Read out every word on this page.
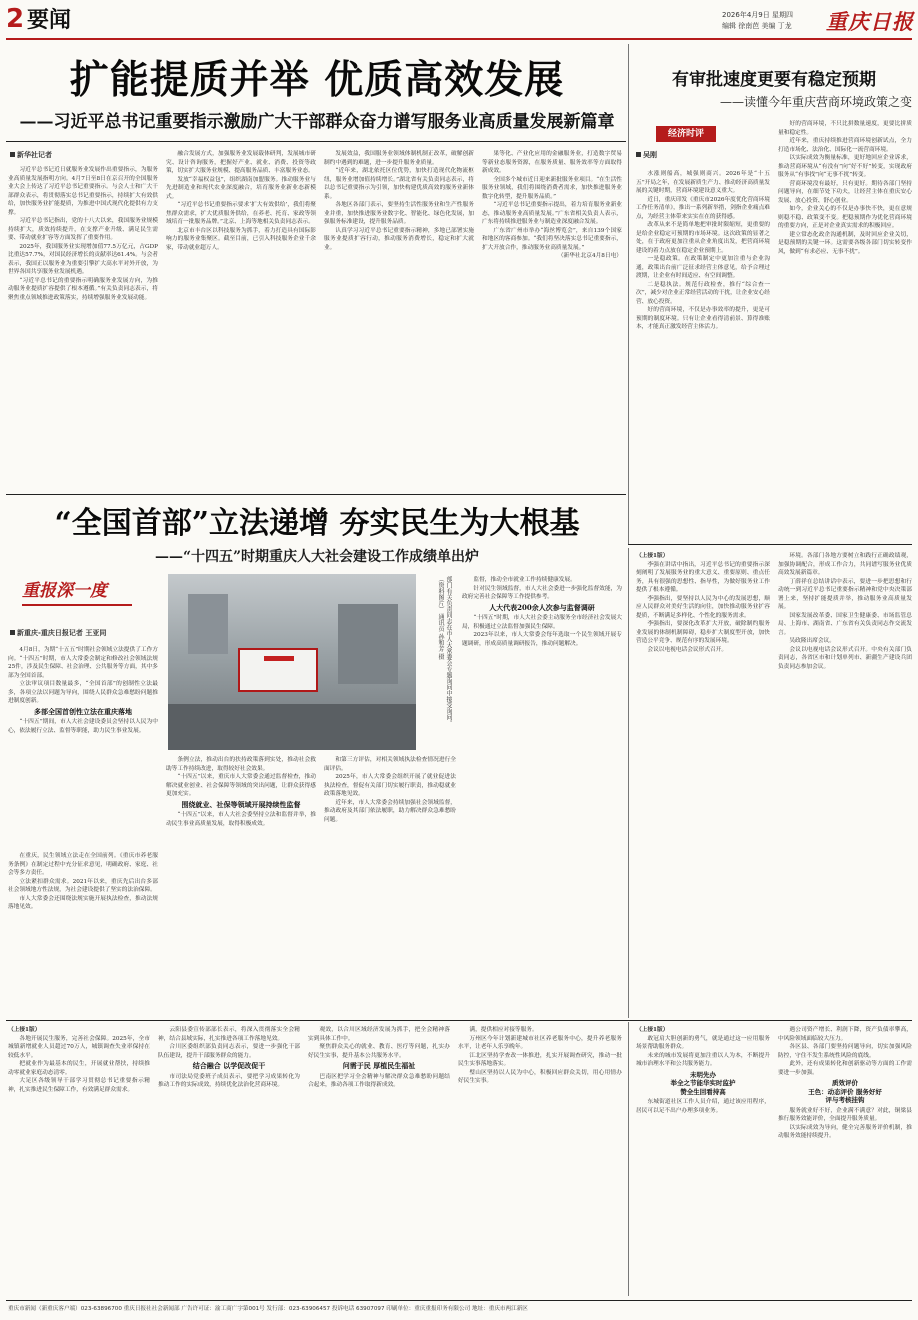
2 要闻	2026年4月9日 星期四
编辑 徐南芭 美编 丁龙 重庆日报
扩能提质并举 优质高效发展
——习近平总书记重要指示激励广大干部群众奋力谱写服务业高质量发展新篇章
新华社记者

习近平总书记近日就服务业发展作出重要指示，为服务业高质量发展指明方向。4月7日至8日在京召开的全国服务业大会上传达了习近平总书记重要指示。与会人士和广大干部群众表示，将贯彻落实总书记重要指示，持续扩大有效供给，加快服务业扩能提质，为推进中国式现代化提供有力支撑。

习近平总书记指出，党的十八大以来，我国服务业规模持续扩大，质效持续提升，在支撑产业升级、满足民生需要、带动就业扩容等方面发挥了重要作用。

2025年，我国服务业实现增加值77.5万亿元，占GDP比重达57.7%，对国民经济增长的贡献率达61.4%。与会者表示，我国正以服务业为重要引擎扩大高水平对外开放，为世界各国共享服务业发展机遇。

“习近平总书记的重要指示明确服务业发展方向，为推动服务业提质扩容提供了根本遵循。”有关负责同志表示，将聚焦重点领域推进政策落实，持续增强服务业发展动能。

融合发展方式，加强服务业发展载体研判，发展城市研究、设计咨询服务，把握好产业、就业、消费、投资等政策，切实扩大服务业规模、提高服务品质、丰富服务业态。

发放“幸福权益包”，组织湖南加盟服务。推动服务业与先进制造业和现代农业深度融合，培育服务业新业态新模式。

“习近平总书记重要指示要求‘扩大有效供给’，我们将聚焦群众需求，扩大优质服务供给，在养老、托育、家政等领域培育一批服务品牌。”北京、上海等地相关负责同志表示。

北京市丰台区以科技服务为抓手，着力打造具有国际影响力的服务业集聚区。截至目前，已引入科技服务企业千余家，带动就业超万人。

发展效益，我国服务业领域体制机制正改革，破解创新制约中遇到的难题，进一步提升服务业质量。

“近年来，湖北依托区位优势，加快打造现代化物流枢纽，服务业增加值持续增长。”湖北省有关负责同志表示，将以总书记重要指示为引领，加快构建优质高效的服务业新体系。

各地区各部门表示，要坚持生活性服务业和生产性服务业并重，加快推进服务业数字化、智能化、绿色化发展，加强服务标准建设，提升服务品质。

认真学习习近平总书记重要指示精神，多地已部署实施服务业提质扩容行动，推动服务消费增长，稳定和扩大就业。

果等化、产业化应用的金融服务业，打造数字贸易等新业态服务资源，在服务质量、服务效率等方面取得新成效。

全国多个城市近日迎来新批服务业项目。“在生活性服务业领域，我们将围绕消费者需求，加快推进服务业数字化转型，提升服务品质。”

“习近平总书记重要指示提出，着力培育服务业新业态，推动服务业高质量发展。”广东省相关负责人表示，广东将持续推进服务业与制造业深度融合发展。

广东省广州市举办“海丝博览会”，来自139个国家和地区的客商参加。“我们将坚决落实总书记重要指示，扩大开放合作，推动服务业高质量发展。”

（新华社北京4月8日电）

有审批速度更要有稳定预期
——读懂今年重庆营商环境政策之变
经济时评
吴刚

水涨则船高，城强则商兴。2026年是“十五五”开局之年，在发展新质生产力、推动经济高质量发展的关键时期，营商环境建设意义重大。

近日，重庆印发《重庆市2026年度优化营商环境工作任务清单》，推出一系列新举措，剑指企业痛点难点，为经营主体带来实实在在的获得感。

改革从来不是简单地把审批时限缩短，更重要的是给企业稳定可预期的市场环境。这次政策的显著之处，在于政府更加注重从企业角度出发，把营商环境建设的着力点放在稳定企业预期上。

一是稳政策。在政策制定中更加注重与企业沟通，政策出台前广泛征求经营主体意见，给予合理过渡期，让企业有时间适应、有空间调整。

二是稳执法。规范行政检查，推行“综合查一次”，减少对企业正常经营活动的干扰，让企业安心经营、放心投资。

好的营商环境，不仅是办事效率的提升，更是可预期的制度环境。只有让企业看得清前景、算得准账本，才能真正激发经营主体活力。

好的营商环境，不只比拼数量速度，更要比拼质量和稳定性。

近年来，重庆持续推进营商环境创新试点，全力打造市场化、法治化、国际化一流营商环境。

以实际成效为衡量标准，更好地回应企业诉求，推动营商环境从“有没有”向“好不好”转变，实现政府服务从“有事找”向“无事不扰”转变。

营商环境没有最好，只有更好。期待各部门坚持问题导向，在细节处下功夫，让经营主体在重庆安心发展、放心投资、舒心创业。

如今，企业关心的不仅是办事快不快，更在意规则稳不稳、政策变不变。把稳预期作为优化营商环境的重要方向，正是对企业真实需求的积极回应。

建立常态化政企沟通机制，及时回应企业关切，是稳预期的关键一环。这需要各级各部门切实转变作风，做到“有求必应、无事不扰”。

“全国首部”立法递增 夯实民生为大根基
——“十四五”时期重庆人大社会建设工作成绩单出炉
重报深一度
新重庆-重庆日报记者 王亚同	部门有关负责同志在市人大常委会专题询问中接受询问。（资料图片） 通讯员 孙和芳 摄

4月8日，为期“十五五”时期社会领域立法提供了工作方向。“十四五”时期，市人大常委会制定和修改社会领域法规25件，涉及民生保障、社会治理、公共服务等方面，其中多部为全国首部。

立法审议项目数量最多，“全国首部”的创制性立法最多，各项立法以问题为导向，围绕人民群众急难愁盼问题推进制度创新。

多部全国首创性立法在重庆落地

“十四五”期间，市人大社会建设委员会坚持以人民为中心，依法履行立法、监督等职能，助力民生事业发展。

在重庆，民生领域立法走在全国前列。《重庆市养老服务条例》在制定过程中充分征求意见，明确政府、家庭、社会等多方责任。

立法紧扣群众需求。2021年以来，重庆先后出台多部社会领域地方性法规，为社会建设提供了坚实的法治保障。

市人大常委会还围绕法规实施开展执法检查，推动法规落地见效。

条例立法，推动出台的扶持政策落到实处，推动社会救助等工作持续改进，取得较好社会效果。

“十四五”以来，重庆市人大常委会通过监督检查，推动解决就业创业、社会保障等领域的突出问题，让群众获得感更加充实。

围绕就业、社保等领域开展持续性监督

“十四五”以来，市人大社会委坚持立法和监督并举，推动民生事业高质量发展，取得积极成效。

和第三方评估，对相关领域执法检查情况进行全面评估。

2025年，市人大常委会组织开展了就业促进法执法检查，督促有关部门切实履行职责，推动稳就业政策落地见效。

近年来，市人大常委会持续加强社会领域监督，推动政府及其部门依法履职，助力解决群众急难愁盼问题。

监督，推动全市就业工作持续健康发展。

针对民生领域监督，市人大社会委进一步强化监督效能，为政府完善社会保障等工作提供参考。

人大代表200余人次参与监督调研

“十四五”时期，市人大社会委主动服务全市经济社会发展大局，积极通过立法监督加强民生保障。

2023年以来，市人大常委会每年选取一个民生领域开展专题调研，形成高质量调研报告，推动问题解决。

（上接1版）

李强在讲话中指出，习近平总书记的重要指示深刻阐明了发展服务业的重大意义、重要原则、重点任务，具有很强的思想性、指导性，为做好服务业工作提供了根本遵循。

李强指出，要坚持以人民为中心的发展思想，顺应人民群众对美好生活的向往，加快推动服务业扩容提质，不断满足多样化、个性化的服务需求。

李强指出，要深化改革扩大开放，破除制约服务业发展的体制机制障碍，稳步扩大制度型开放，加快营造公平竞争、规范有序的发展环境。

会议以电视电话会议形式召开。

环境。各部门各地方要树立和践行正确政绩观，加强协调配合，形成工作合力，共同谱写服务业优质高效发展新篇章。

丁薛祥在总结讲话中表示，要进一步把思想和行动统一到习近平总书记重要指示精神和党中央决策部署上来，坚持扩能提质并举，推动服务业高质量发展。

国家发展改革委、国家卫生健康委、市场监管总局、上海市、湖南省、广东省有关负责同志作交流发言。

吴政隆出席会议。

会议以电视电话会议形式召开。中央有关部门负责同志，各省区市和计划单列市、新疆生产建设兵团负责同志参加会议。

（上接1版）

各地开展民生服务，完善社会保障。2025年，全市城镇新增就业人员超过70万人，城镇调查失业率保持在较低水平。

把就业作为最基本的民生，开展就业帮扶，持续推动零就业家庭动态清零。

大足区各级领导干部学习贯彻总书记重要指示精神，扎实推进民生保障工作，有效满足群众需求。

云阳县委宣传部部长表示，将深入贯彻落实全会精神，结合县域实际，扎实推进各项工作落地见效。

合川区委组织部负责同志表示，要进一步强化干部队伍建设，提升干部服务群众的能力。

结合融合 以学促改促干

市司法局党委班子成员表示，要把学习成果转化为推动工作的实际成效，持续优化法治化营商环境。

观效，以合川区域经济发展为抓手，把全会精神落实到具体工作中。

聚焦群众关心的就业、教育、医疗等问题，扎实办好民生实事，提升基本公共服务水平。

问需于民 厚植民生福祉

巴南区把学习全会精神与解决群众急难愁盼问题结合起来，推动各项工作取得新成效。

满，提供相应对接等服务。

万州区今年计划新建城市社区养老服务中心，提升养老服务水平，让老年人乐享晚年。

江北区坚持学查改一体推进，扎实开展调查研究，推动一批民生实事落地落实。

璧山区坚持以人民为中心，积极回应群众关切，用心用情办好民生实事。

（上接1版）

敢冠肩大胆创新的勇气，就是通过这一应用服务场景帮助服务群众。

未来的城市发展将更加注重以人为本，不断提升城市治理水平和公共服务能力。

未明先办
举全之节能华实时监护
赞全生回看持高

东城街道社区工作人员介绍，通过该应用程序，居民可以足不出户办理多项业务。

遇公司资产增长、利润下降，资产负债率攀高，中风险领域面临较大压力。

各区县、各部门要坚持问题导向，切实加强风险防控，守住不发生系统性风险的底线。

此外，还有成果转化和创新驱动等方面的工作需要进一步加强。

质效评价
王色：动态评价 服务好好
评与考核挂钩

服务就业好不好，企业满不满意？对此，铜梁县推行服务效能评价，全面提升服务质量。

以实际成效为导向，健全完善服务评价机制，推动服务效能持续提升。

重庆市新闻（新重庆客户端）023-63896700 重庆日报社社会新闻部 广告许可证：渝工商广字第001号 发行部：023-63906457 投诉电话 63907097 印刷单位：重庆重报印务有限公司 地址：重庆市两江新区
